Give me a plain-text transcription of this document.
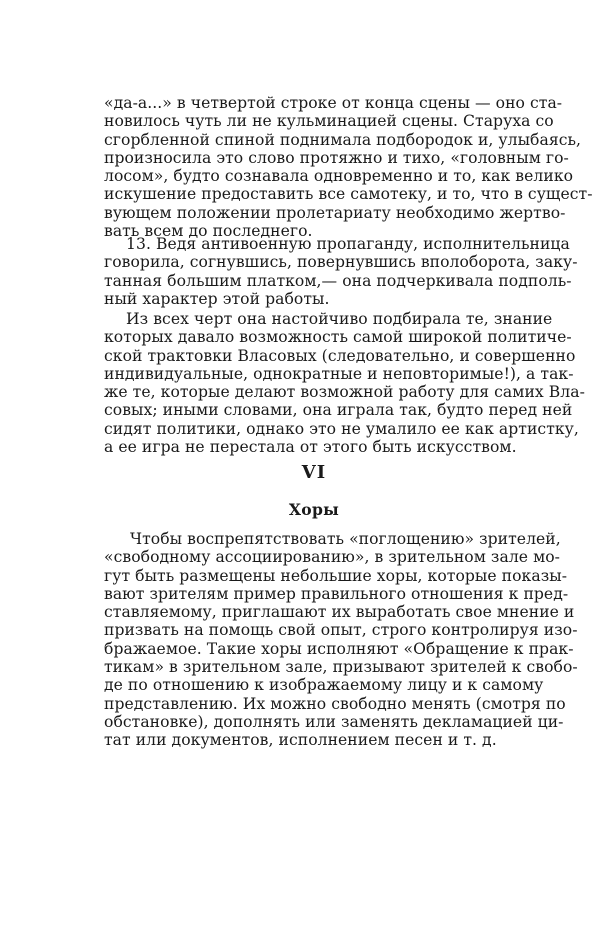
«да-а...» в четвертой строке от конца сцены — оно ста-
новилось чуть ли не кульминацией сцены. Старуха со
сгорбленной спиной поднимала подбородок и, улыбаясь,
произносила это слово протяжно и тихо, «головным го-
лосом», будто сознавала одновременно и то, как велико
искушение предоставить все самотеку, и то, что в сущест-
вующем положении пролетариату необходимо жертво-
вать всем до последнего.
13. Ведя антивоенную пропаганду, исполнительница
говорила, согнувшись, повернувшись вполоборота, заку-
танная большим платком,— она подчеркивала подполь-
ный характер этой работы.
Из всех черт она настойчиво подбирала те, знание
которых давало возможность самой широкой политиче-
ской трактовки Власовых (следовательно, и совершенно
индивидуальные, однократные и неповторимые!), а так-
же те, которые делают возможной работу для самих Вла-
совых; иными словами, она играла так, будто перед ней
сидят политики, однако это не умалило ее как артистку,
а ее игра не перестала от этого быть искусством.
VI
Хоры
Чтобы воспрепятствовать «поглощению» зрителей,
«свободному ассоциированию», в зрительном зале мо-
гут быть размещены небольшие хоры, которые показы-
вают зрителям пример правильного отношения к пред-
ставляемому, приглашают их выработать свое мнение и
призвать на помощь свой опыт, строго контролируя изо-
бражаемое. Такие хоры исполняют «Обращение к прак-
тикам» в зрительном зале, призывают зрителей к свобо-
де по отношению к изображаемому лицу и к самому
представлению. Их можно свободно менять (смотря по
обстановке), дополнять или заменять декламацией ци-
тат или документов, исполнением песен и т. д.
